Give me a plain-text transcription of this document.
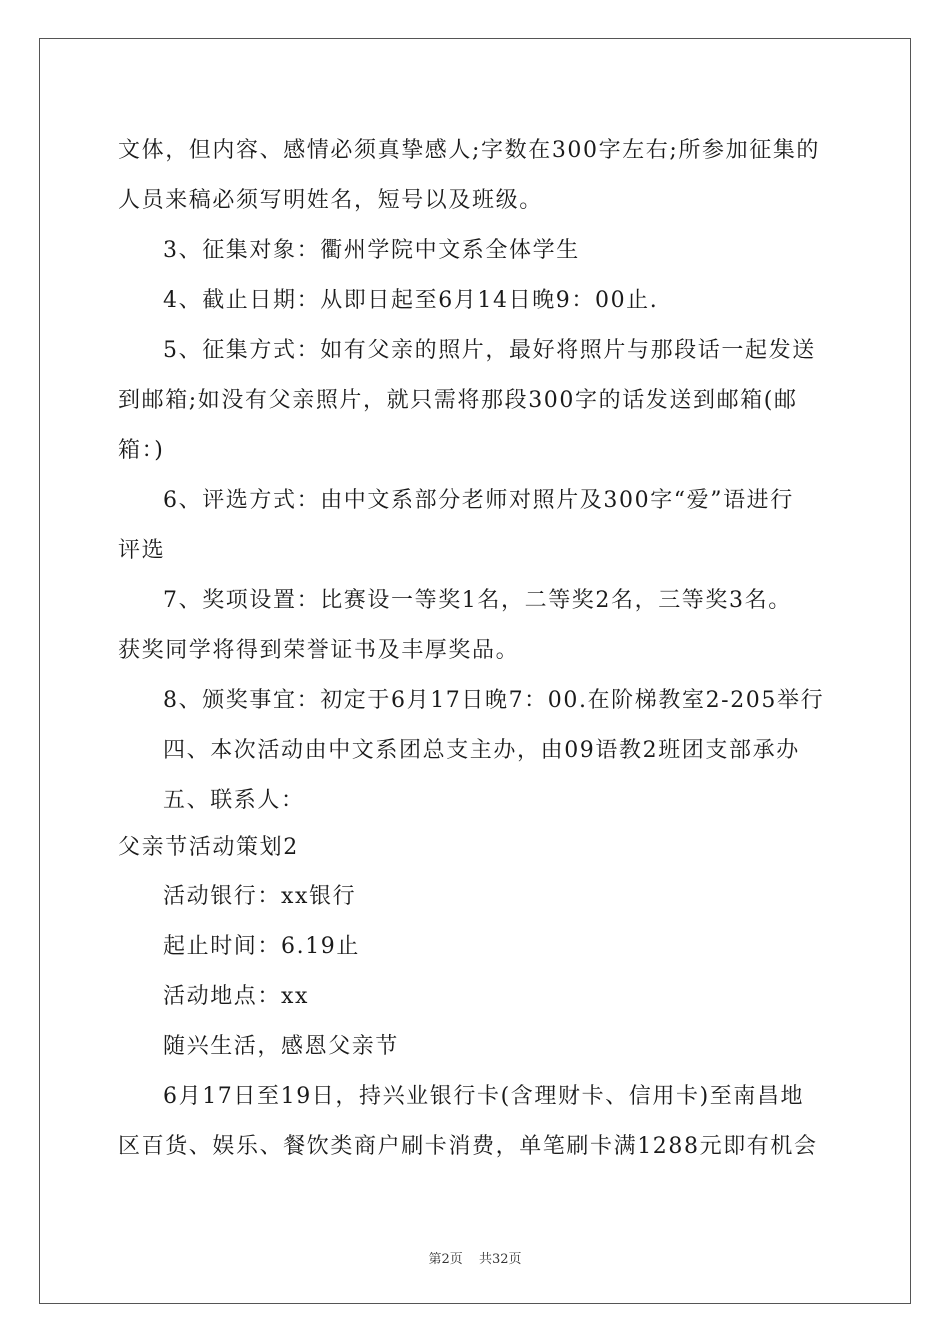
文体，但内容、感情必须真挚感人;字数在300字左右;所参加征集的
人员来稿必须写明姓名，短号以及班级。
3、征集对象：衢州学院中文系全体学生
4、截止日期：从即日起至6月14日晚9：00止.
5、征集方式：如有父亲的照片，最好将照片与那段话一起发送
到邮箱;如没有父亲照片，就只需将那段300字的话发送到邮箱(邮
箱：)
6、评选方式：由中文系部分老师对照片及300字“爱”语进行
评选
7、奖项设置：比赛设一等奖1名，二等奖2名，三等奖3名。
获奖同学将得到荣誉证书及丰厚奖品。
8、颁奖事宜：初定于6月17日晚7：00.在阶梯教室2-205举行
四、本次活动由中文系团总支主办，由09语教2班团支部承办
五、联系人：
父亲节活动策划2
活动银行：xx银行
起止时间：6.19止
活动地点：xx
随兴生活，感恩父亲节
6月17日至19日，持兴业银行卡(含理财卡、信用卡)至南昌地
区百货、娱乐、餐饮类商户刷卡消费，单笔刷卡满1288元即有机会
第2页 共32页
